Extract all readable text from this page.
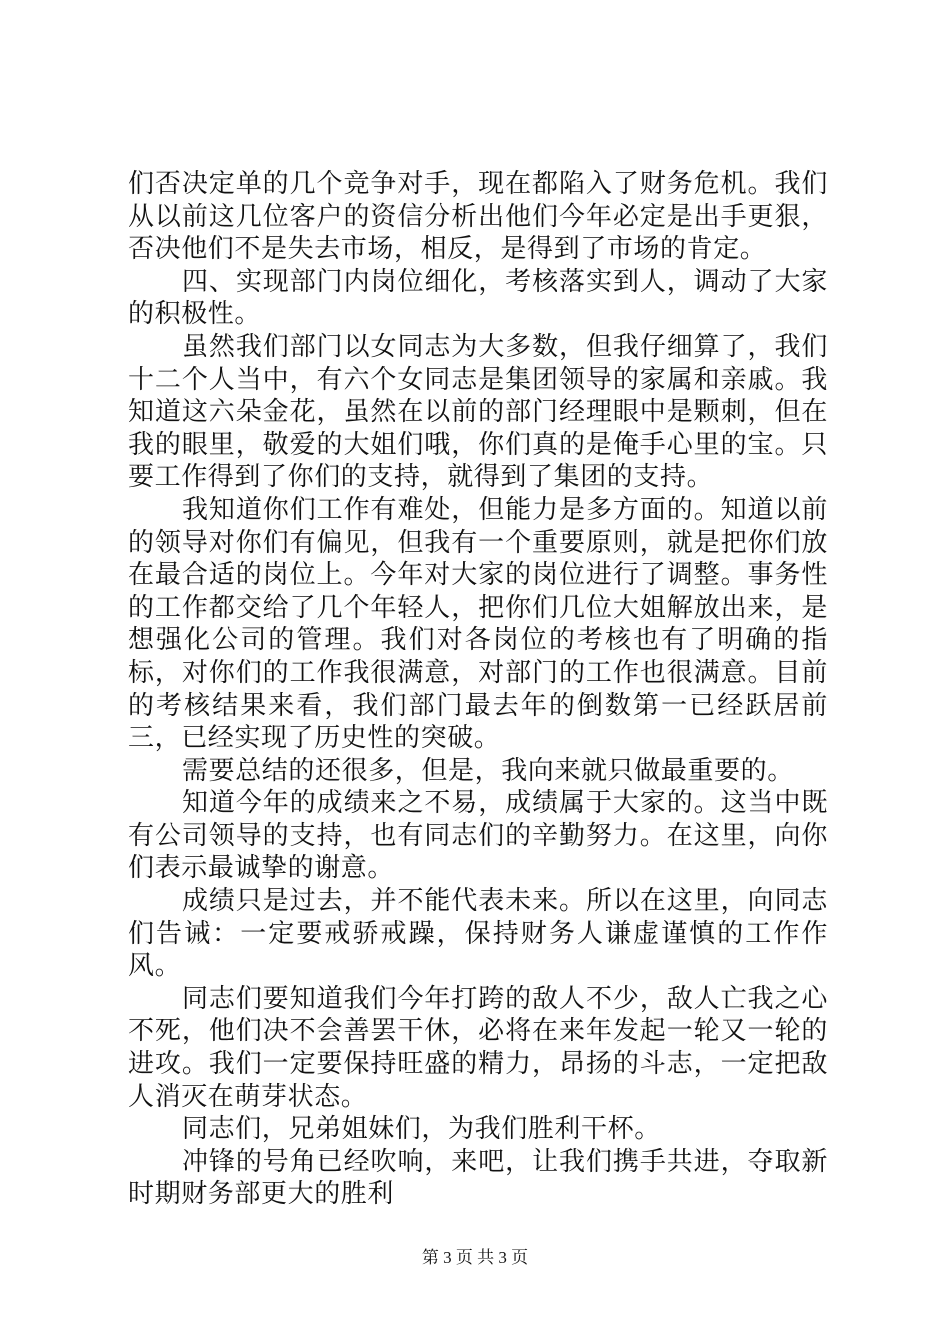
们否决定单的几个竞争对手，现在都陷入了财务危机。我们从以前这几位客户的资信分析出他们今年必定是出手更狠，否决他们不是失去市场，相反，是得到了市场的肯定。

四、实现部门内岗位细化，考核落实到人，调动了大家的积极性。

虽然我们部门以女同志为大多数，但我仔细算了，我们十二个人当中，有六个女同志是集团领导的家属和亲戚。我知道这六朵金花，虽然在以前的部门经理眼中是颗刺，但在我的眼里，敬爱的大姐们哦，你们真的是俺手心里的宝。只要工作得到了你们的支持，就得到了集团的支持。

我知道你们工作有难处，但能力是多方面的。知道以前的领导对你们有偏见，但我有一个重要原则，就是把你们放在最合适的岗位上。今年对大家的岗位进行了调整。事务性的工作都交给了几个年轻人，把你们几位大姐解放出来，是想强化公司的管理。我们对各岗位的考核也有了明确的指标，对你们的工作我很满意，对部门的工作也很满意。目前的考核结果来看，我们部门最去年的倒数第一已经跃居前三，已经实现了历史性的突破。

需要总结的还很多，但是，我向来就只做最重要的。

知道今年的成绩来之不易，成绩属于大家的。这当中既有公司领导的支持，也有同志们的辛勤努力。在这里，向你们表示最诚挚的谢意。

成绩只是过去，并不能代表未来。所以在这里，向同志们告诫：一定要戒骄戒躁，保持财务人谦虚谨慎的工作作风。

同志们要知道我们今年打跨的敌人不少，敌人亡我之心不死，他们决不会善罢干休，必将在来年发起一轮又一轮的进攻。我们一定要保持旺盛的精力，昂扬的斗志，一定把敌人消灭在萌芽状态。

同志们，兄弟姐妹们，为我们胜利干杯。

冲锋的号角已经吹响，来吧，让我们携手共进，夺取新时期财务部更大的胜利

第 3 页 共 3 页
